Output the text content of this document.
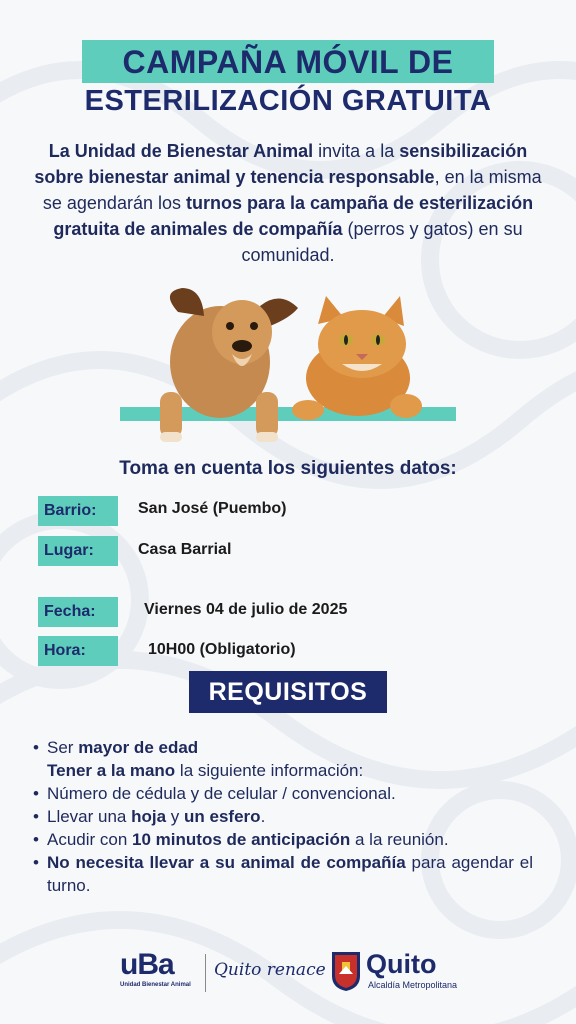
CAMPAÑA MÓVIL DE
ESTERILIZACIÓN GRATUITA
La Unidad de Bienestar Animal invita a la sensibilización sobre bienestar animal y tenencia responsable, en la misma se agendarán los turnos para la campaña de esterilización gratuita de animales de compañía (perros y gatos) en su comunidad.
Toma en cuenta los siguientes datos:
Barrio:	San José (Puembo)
Lugar:	Casa Barrial
Fecha:	Viernes 04 de julio de 2025
Hora:	10H00 (Obligatorio)
REQUISITOS
• Ser mayor de edad
Tener a la mano la siguiente información:
• Número de cédula y de celular / convencional.
• Llevar una hoja y un esfero.
• Acudir con 10 minutos de anticipación a la reunión.
• No necesita llevar a su animal de compañía para agendar el turno.
uBa
Unidad Bienestar Animal
Quito renace Quito
Alcaldía Metropolitana
